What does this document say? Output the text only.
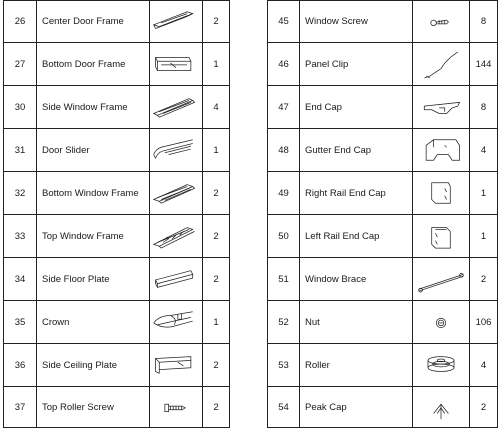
26	Center Door Frame		2
27	Bottom Door Frame		1
30	Side Window Frame		4
31	Door Slider		1
32	Bottom Window Frame		2
33	Top Window Frame		2
34	Side Floor Plate		2
35	Crown		1
36	Side Ceiling Plate		2
37	Top Roller Screw		2
45	Window Screw		8
46	Panel Clip		144
47	End Cap		8
48	Gutter End Cap		4
49	Right Rail End Cap		1
50	Left Rail End Cap		1
51	Window Brace		2
52	Nut		106
53	Roller		4
54	Peak Cap		2
